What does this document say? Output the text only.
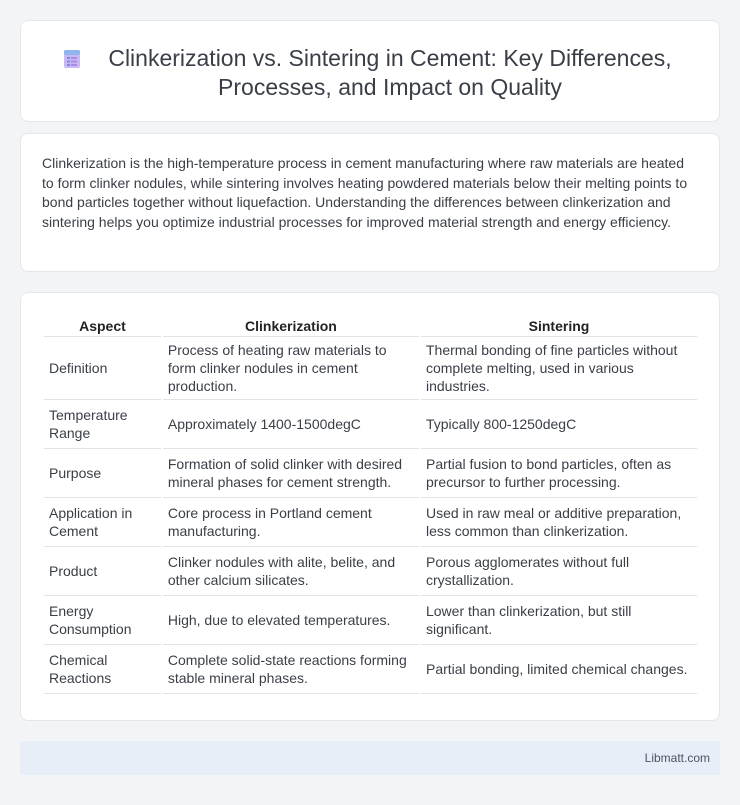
Clinkerization vs. Sintering in Cement: Key Differences, Processes, and Impact on Quality

Clinkerization is the high-temperature process in cement manufacturing where raw materials are heated to form clinker nodules, while sintering involves heating powdered materials below their melting points to bond particles together without liquefaction. Understanding the differences between clinkerization and sintering helps you optimize industrial processes for improved material strength and energy efficiency.

Aspect	Clinkerization	Sintering
Definition	Process of heating raw materials to form clinker nodules in cement production.	Thermal bonding of fine particles without complete melting, used in various industries.
Temperature Range	Approximately 1400-1500degC	Typically 800-1250degC
Purpose	Formation of solid clinker with desired mineral phases for cement strength.	Partial fusion to bond particles, often as precursor to further processing.
Application in Cement	Core process in Portland cement manufacturing.	Used in raw meal or additive preparation, less common than clinkerization.
Product	Clinker nodules with alite, belite, and other calcium silicates.	Porous agglomerates without full crystallization.
Energy Consumption	High, due to elevated temperatures.	Lower than clinkerization, but still significant.
Chemical Reactions	Complete solid-state reactions forming stable mineral phases.	Partial bonding, limited chemical changes.
Libmatt.com
